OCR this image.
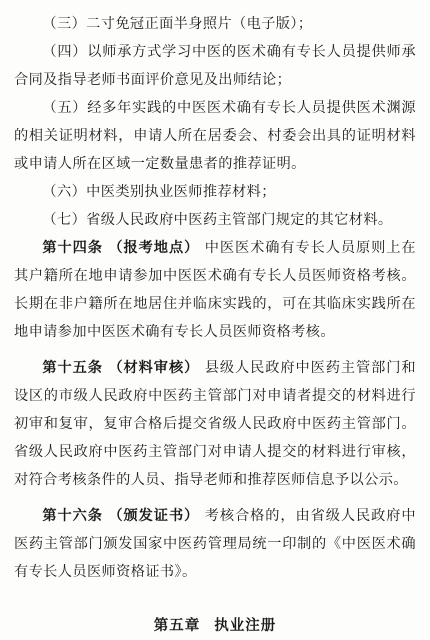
（三）二寸免冠正面半身照片（电子版）；

（四）以师承方式学习中医的医术确有专长人员提供师承合同及指导老师书面评价意见及出师结论；

（五）经多年实践的中医医术确有专长人员提供医术渊源的相关证明材料，申请人所在居委会、村委会出具的证明材料或申请人所在区域一定数量患者的推荐证明。

（六）中医类别执业医师推荐材料；

（七）省级人民政府中医药主管部门规定的其它材料。

第十四条 （报考地点） 中医医术确有专长人员原则上在其户籍所在地申请参加中医医术确有专长人员医师资格考核。长期在非户籍所在地居住并临床实践的，可在其临床实践所在地申请参加中医医术确有专长人员医师资格考核。

第十五条 （材料审核） 县级人民政府中医药主管部门和设区的市级人民政府中医药主管部门对申请者提交的材料进行初审和复审，复审合格后提交省级人民政府中医药主管部门。省级人民政府中医药主管部门对申请人提交的材料进行审核，对符合考核条件的人员、指导老师和推荐医师信息予以公示。

第十六条 （颁发证书） 考核合格的，由省级人民政府中医药主管部门颁发国家中医药管理局统一印制的《中医医术确有专长人员医师资格证书》。

第五章 执业注册
